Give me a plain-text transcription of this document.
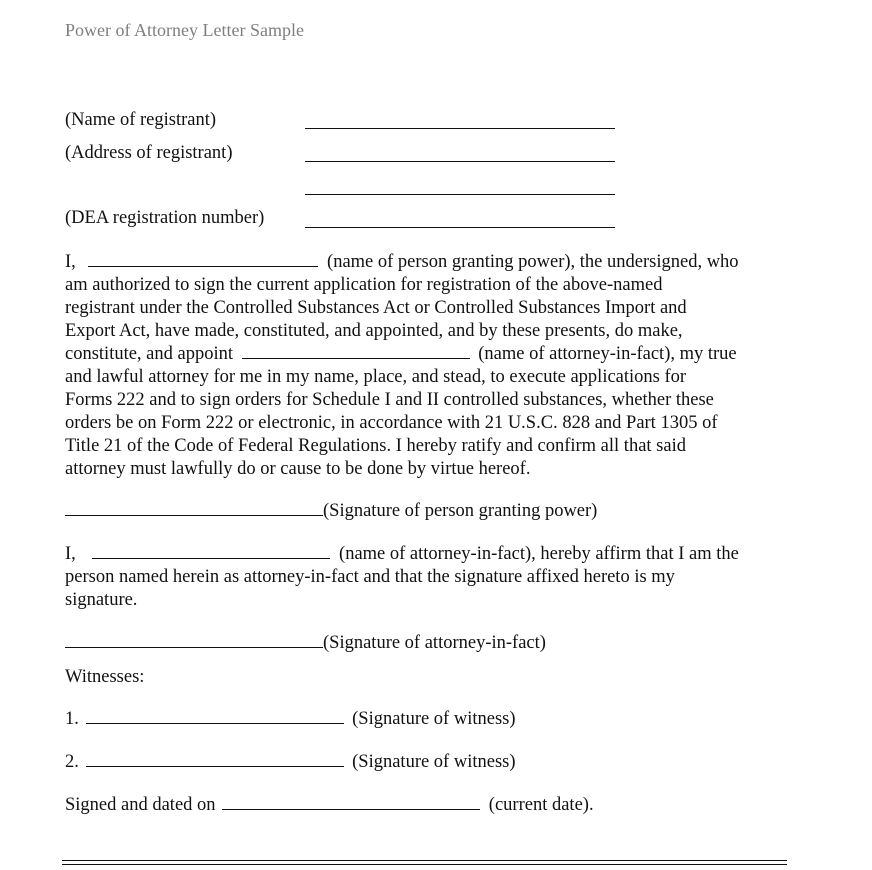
Power of Attorney Letter Sample
(Name of registrant)
(Address of registrant)
(DEA registration number)
I,	(name of person granting power), the undersigned, who
am authorized to sign the current application for registration of the above-named
registrant under the Controlled Substances Act or Controlled Substances Import and
Export Act, have made, constituted, and appointed, and by these presents, do make,
constitute, and appoint	(name of attorney-in-fact), my true
and lawful attorney for me in my name, place, and stead, to execute applications for
Forms 222 and to sign orders for Schedule I and II controlled substances, whether these
orders be on Form 222 or electronic, in accordance with 21 U.S.C. 828 and Part 1305 of
Title 21 of the Code of Federal Regulations. I hereby ratify and confirm all that said
attorney must lawfully do or cause to be done by virtue hereof.
(Signature of person granting power)
I,	(name of attorney-in-fact), hereby affirm that I am the
person named herein as attorney-in-fact and that the signature affixed hereto is my
signature.
(Signature of attorney-in-fact)
Witnesses:
1.	(Signature of witness)
2.	(Signature of witness)
Signed and dated on	(current date).
